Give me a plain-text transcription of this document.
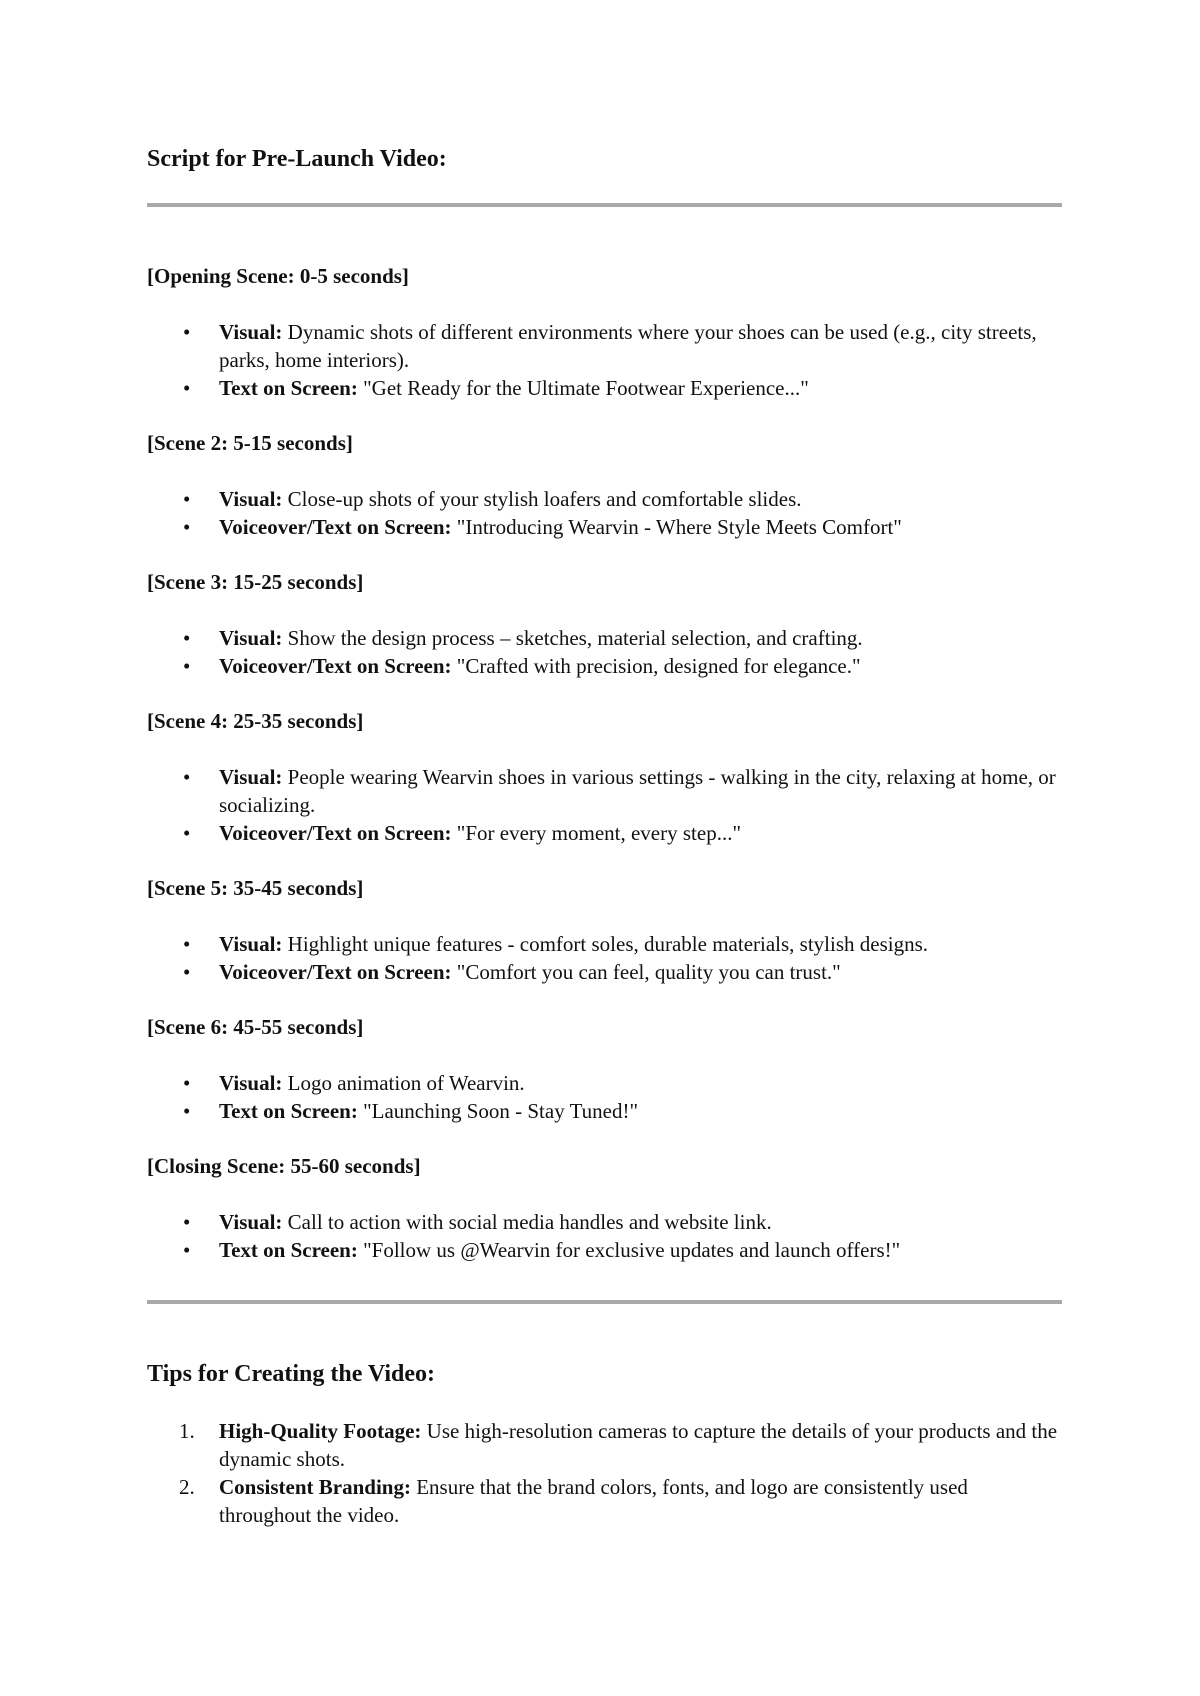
Script for Pre-Launch Video:

[Opening Scene: 0-5 seconds]

•	Visual: Dynamic shots of different environments where your shoes can be used (e.g., city streets, parks, home interiors).
•	Text on Screen: "Get Ready for the Ultimate Footwear Experience..."

[Scene 2: 5-15 seconds]

•	Visual: Close-up shots of your stylish loafers and comfortable slides.
•	Voiceover/Text on Screen: "Introducing Wearvin - Where Style Meets Comfort"

[Scene 3: 15-25 seconds]

•	Visual: Show the design process – sketches, material selection, and crafting.
•	Voiceover/Text on Screen: "Crafted with precision, designed for elegance."

[Scene 4: 25-35 seconds]

•	Visual: People wearing Wearvin shoes in various settings - walking in the city, relaxing at home, or socializing.
•	Voiceover/Text on Screen: "For every moment, every step..."

[Scene 5: 35-45 seconds]

•	Visual: Highlight unique features - comfort soles, durable materials, stylish designs.
•	Voiceover/Text on Screen: "Comfort you can feel, quality you can trust."

[Scene 6: 45-55 seconds]

•	Visual: Logo animation of Wearvin.
•	Text on Screen: "Launching Soon - Stay Tuned!"

[Closing Scene: 55-60 seconds]

•	Visual: Call to action with social media handles and website link.
•	Text on Screen: "Follow us @Wearvin for exclusive updates and launch offers!"
Tips for Creating the Video:
1. High-Quality Footage: Use high-resolution cameras to capture the details of your products and the dynamic shots.
2. Consistent Branding: Ensure that the brand colors, fonts, and logo are consistently used throughout the video.
